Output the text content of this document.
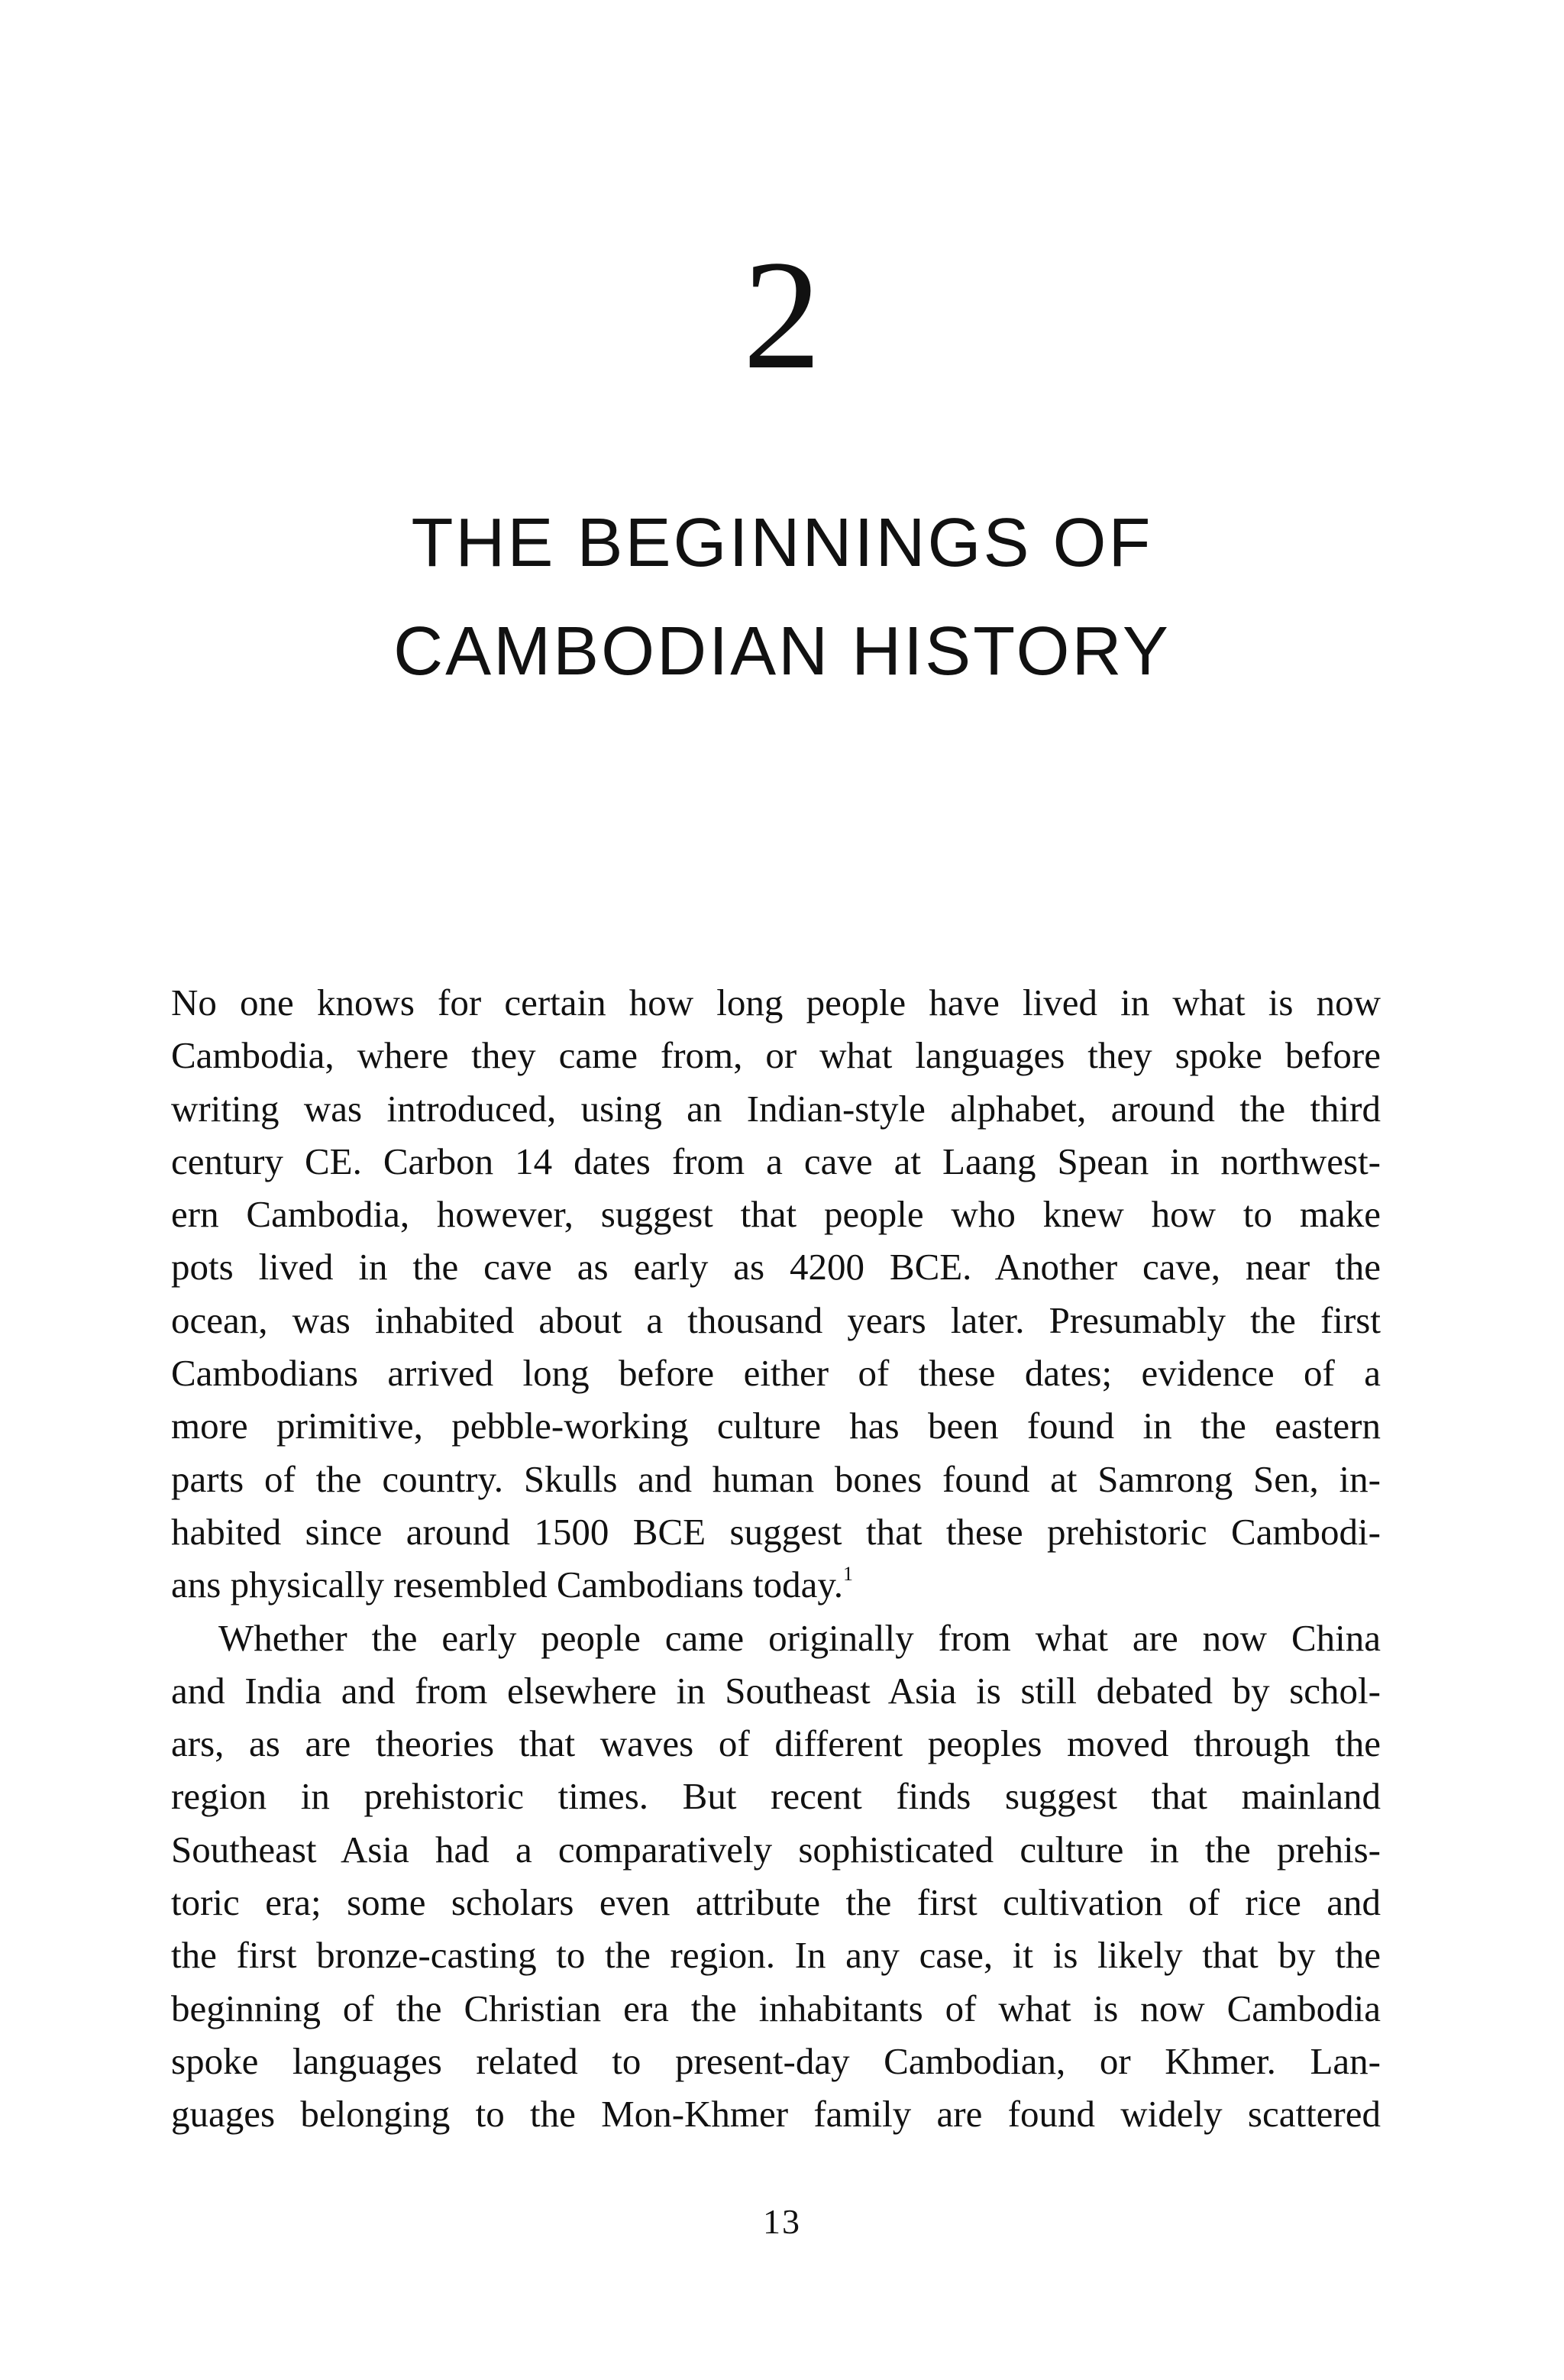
2
THE BEGINNINGS OF
CAMBODIAN HISTORY
No one knows for certain how long people have lived in what is now
Cambodia, where they came from, or what languages they spoke before
writing was introduced, using an Indian-style alphabet, around the third
century CE. Carbon 14 dates from a cave at Laang Spean in northwest-
ern Cambodia, however, suggest that people who knew how to make
pots lived in the cave as early as 4200 BCE. Another cave, near the
ocean, was inhabited about a thousand years later. Presumably the first
Cambodians arrived long before either of these dates; evidence of a
more primitive, pebble-working culture has been found in the eastern
parts of the country. Skulls and human bones found at Samrong Sen, in-
habited since around 1500 BCE suggest that these prehistoric Cambodi-
ans physically resembled Cambodians today.$^1$
Whether the early people came originally from what are now China
and India and from elsewhere in Southeast Asia is still debated by schol-
ars, as are theories that waves of different peoples moved through the
region in prehistoric times. But recent finds suggest that mainland
Southeast Asia had a comparatively sophisticated culture in the prehis-
toric era; some scholars even attribute the first cultivation of rice and
the first bronze-casting to the region. In any case, it is likely that by the
beginning of the Christian era the inhabitants of what is now Cambodia
spoke languages related to present-day Cambodian, or Khmer. Lan-
guages belonging to the Mon-Khmer family are found widely scattered
13
